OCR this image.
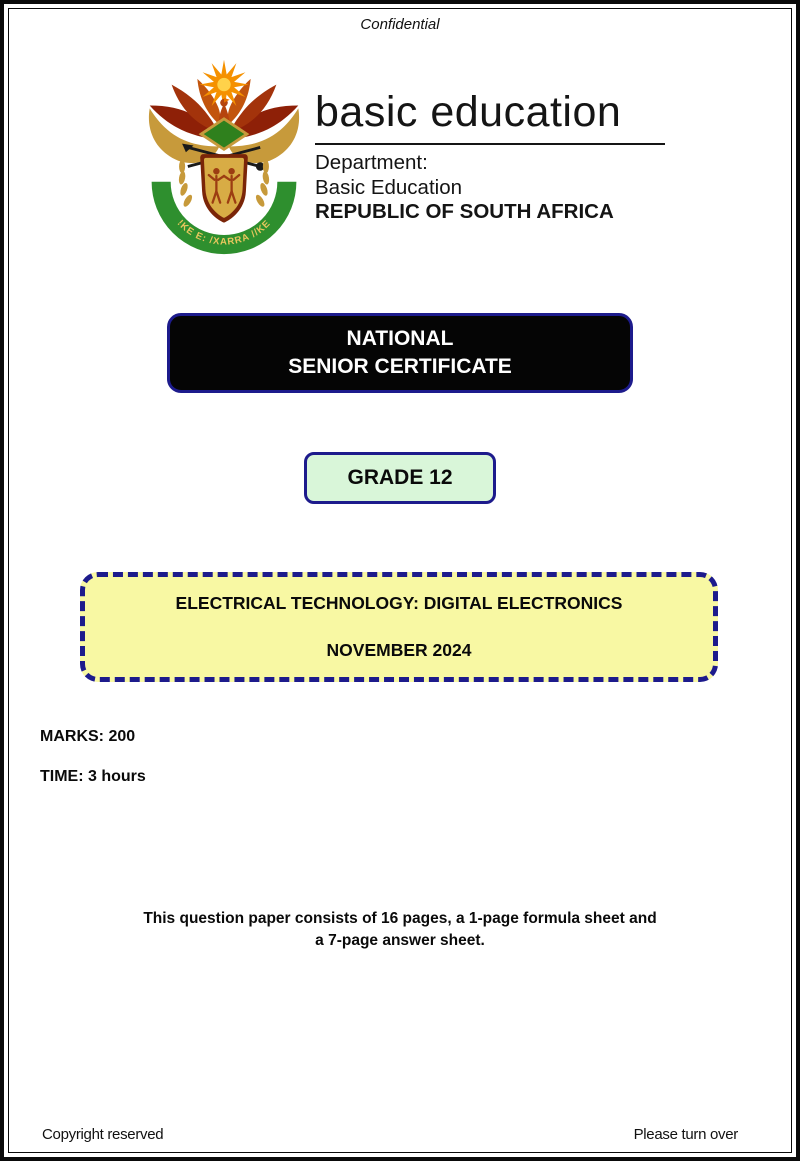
Confidential
!KE E: /XARRA //KE
basic education
Department:
Basic Education
REPUBLIC OF SOUTH AFRICA
NATIONAL
SENIOR CERTIFICATE
GRADE 12
ELECTRICAL TECHNOLOGY: DIGITAL ELECTRONICS
NOVEMBER 2024
MARKS: 200
TIME: 3 hours
This question paper consists of 16 pages, a 1-page formula sheet and
a 7-page answer sheet.
Copyright reserved	Please turn over
